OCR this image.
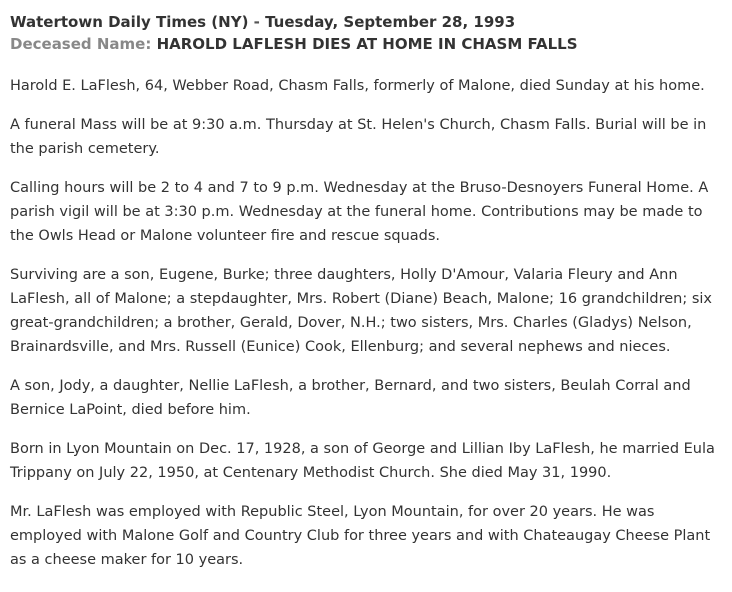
Watertown Daily Times (NY) - Tuesday, September 28, 1993
Deceased Name: HAROLD LAFLESH DIES AT HOME IN CHASM FALLS

Harold E. LaFlesh, 64, Webber Road, Chasm Falls, formerly of Malone, died Sunday at his home.

A funeral Mass will be at 9:30 a.m. Thursday at St. Helen's Church, Chasm Falls. Burial will be in the parish cemetery.

Calling hours will be 2 to 4 and 7 to 9 p.m. Wednesday at the Bruso-Desnoyers Funeral Home. A parish vigil will be at 3:30 p.m. Wednesday at the funeral home. Contributions may be made to the Owls Head or Malone volunteer fire and rescue squads.

Surviving are a son, Eugene, Burke; three daughters, Holly D'Amour, Valaria Fleury and Ann LaFlesh, all of Malone; a stepdaughter, Mrs. Robert (Diane) Beach, Malone; 16 grandchildren; six great-grandchildren; a brother, Gerald, Dover, N.H.; two sisters, Mrs. Charles (Gladys) Nelson, Brainardsville, and Mrs. Russell (Eunice) Cook, Ellenburg; and several nephews and nieces.

A son, Jody, a daughter, Nellie LaFlesh, a brother, Bernard, and two sisters, Beulah Corral and Bernice LaPoint, died before him.

Born in Lyon Mountain on Dec. 17, 1928, a son of George and Lillian Iby LaFlesh, he married Eula Trippany on July 22, 1950, at Centenary Methodist Church. She died May 31, 1990.

Mr. LaFlesh was employed with Republic Steel, Lyon Mountain, for over 20 years. He was employed with Malone Golf and Country Club for three years and with Chateaugay Cheese Plant as a cheese maker for 10 years.
